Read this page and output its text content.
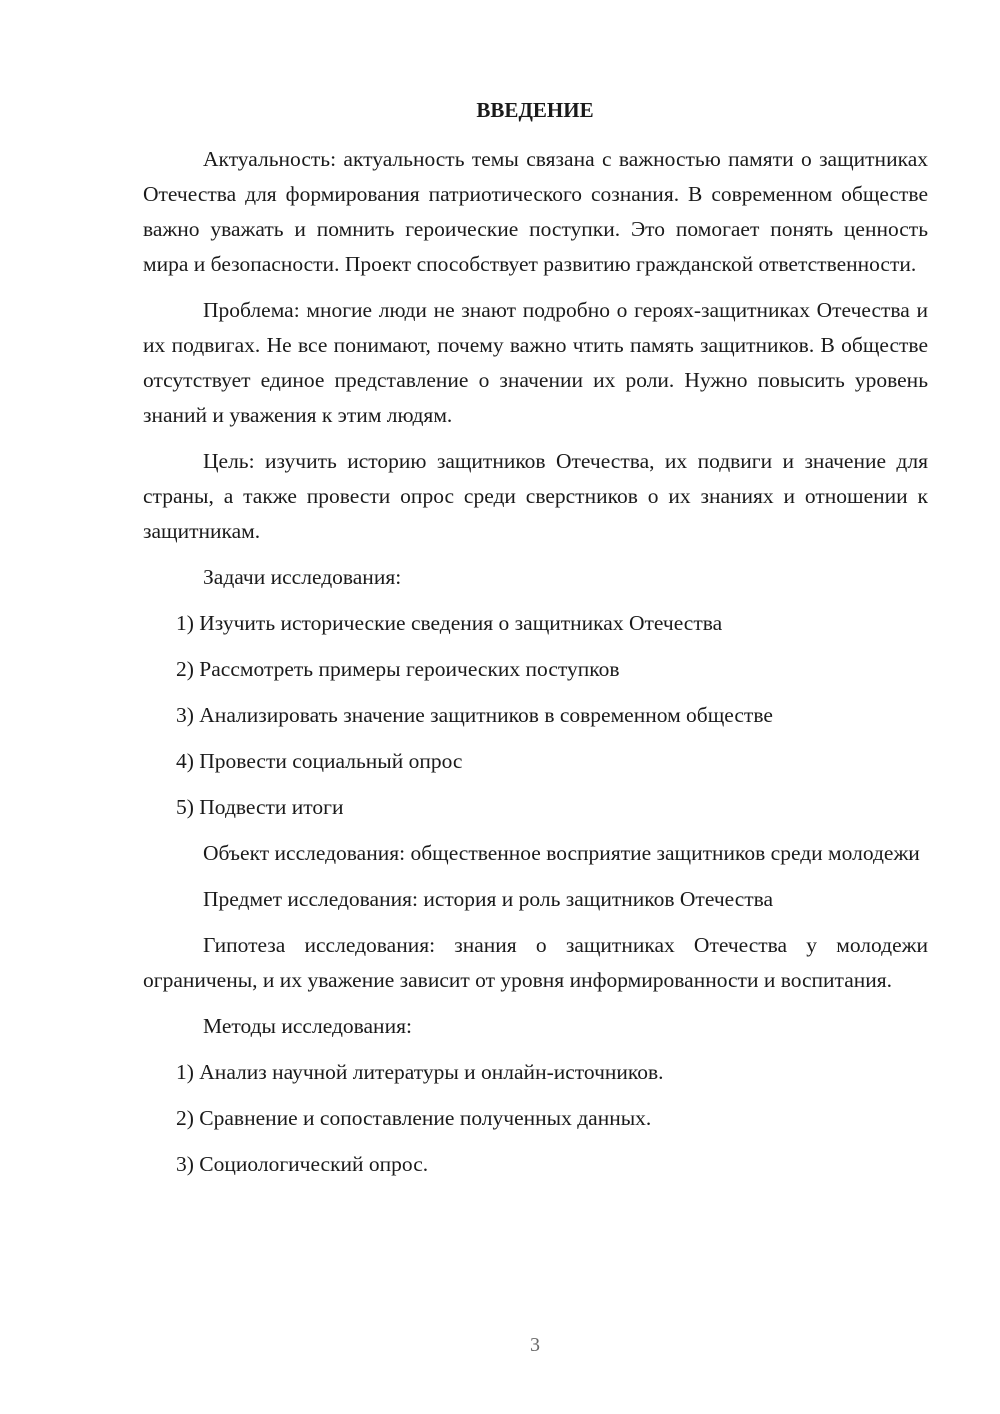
ВВЕДЕНИЕ

Актуальность: актуальность темы связана с важностью памяти о защитниках Отечества для формирования патриотического сознания. В современном обществе важно уважать и помнить героические поступки. Это помогает понять ценность мира и безопасности. Проект способствует развитию гражданской ответственности.

Проблема: многие люди не знают подробно о героях-защитниках Отечества и их подвигах. Не все понимают, почему важно чтить память защитников. В обществе отсутствует единое представление о значении их роли. Нужно повысить уровень знаний и уважения к этим людям.

Цель: изучить историю защитников Отечества, их подвиги и значение для страны, а также провести опрос среди сверстников о их знаниях и отношении к защитникам.

Задачи исследования:

1) Изучить исторические сведения о защитниках Отечества

2) Рассмотреть примеры героических поступков

3) Анализировать значение защитников в современном обществе

4) Провести социальный опрос

5) Подвести итоги

Объект исследования: общественное восприятие защитников среди молодежи

Предмет исследования: история и роль защитников Отечества

Гипотеза исследования: знания о защитниках Отечества у молодежи ограничены, и их уважение зависит от уровня информированности и воспитания.

Методы исследования:

1) Анализ научной литературы и онлайн-источников.

2) Сравнение и сопоставление полученных данных.

3) Социологический опрос.

3
